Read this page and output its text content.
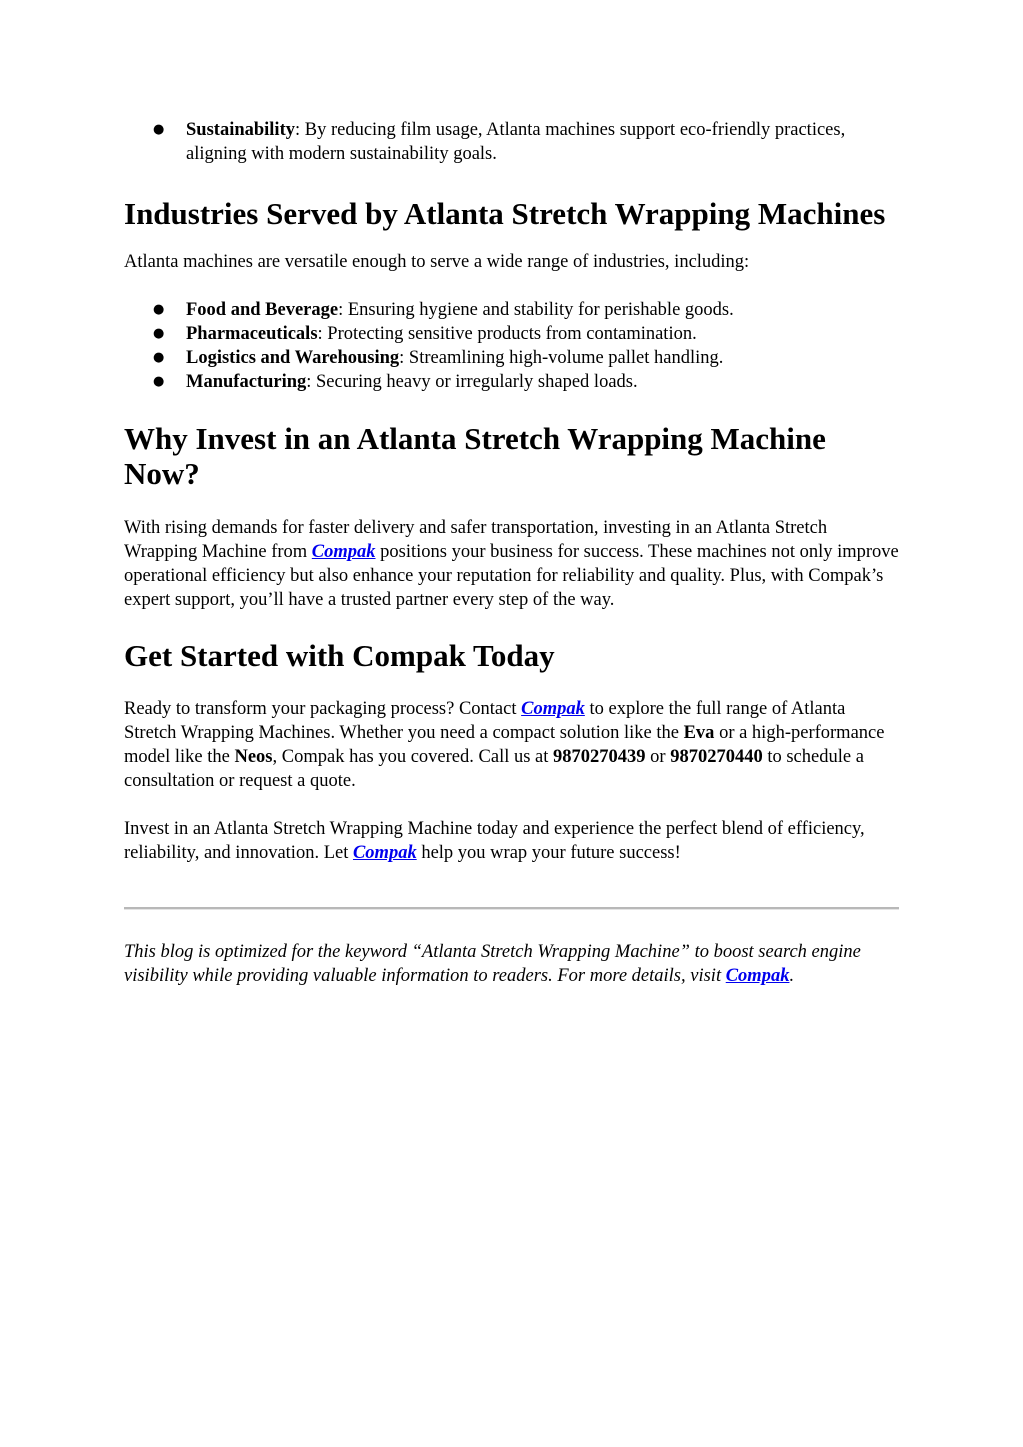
● Sustainability: By reducing film usage, Atlanta machines support eco-friendly practices, aligning with modern sustainability goals.
Industries Served by Atlanta Stretch Wrapping Machines

Atlanta machines are versatile enough to serve a wide range of industries, including:

● Food and Beverage: Ensuring hygiene and stability for perishable goods.
● Pharmaceuticals: Protecting sensitive products from contamination.
● Logistics and Warehousing: Streamlining high-volume pallet handling.
● Manufacturing: Securing heavy or irregularly shaped loads.
Why Invest in an Atlanta Stretch Wrapping Machine Now?

With rising demands for faster delivery and safer transportation, investing in an Atlanta Stretch Wrapping Machine from Compak positions your business for success. These machines not only improve operational efficiency but also enhance your reputation for reliability and quality. Plus, with Compak’s expert support, you’ll have a trusted partner every step of the way.

Get Started with Compak Today

Ready to transform your packaging process? Contact Compak to explore the full range of Atlanta Stretch Wrapping Machines. Whether you need a compact solution like the Eva or a high-performance model like the Neos, Compak has you covered. Call us at 9870270439 or 9870270440 to schedule a consultation or request a quote.

Invest in an Atlanta Stretch Wrapping Machine today and experience the perfect blend of efficiency, reliability, and innovation. Let Compak help you wrap your future success!

This blog is optimized for the keyword “Atlanta Stretch Wrapping Machine” to boost search engine visibility while providing valuable information to readers. For more details, visit Compak.
